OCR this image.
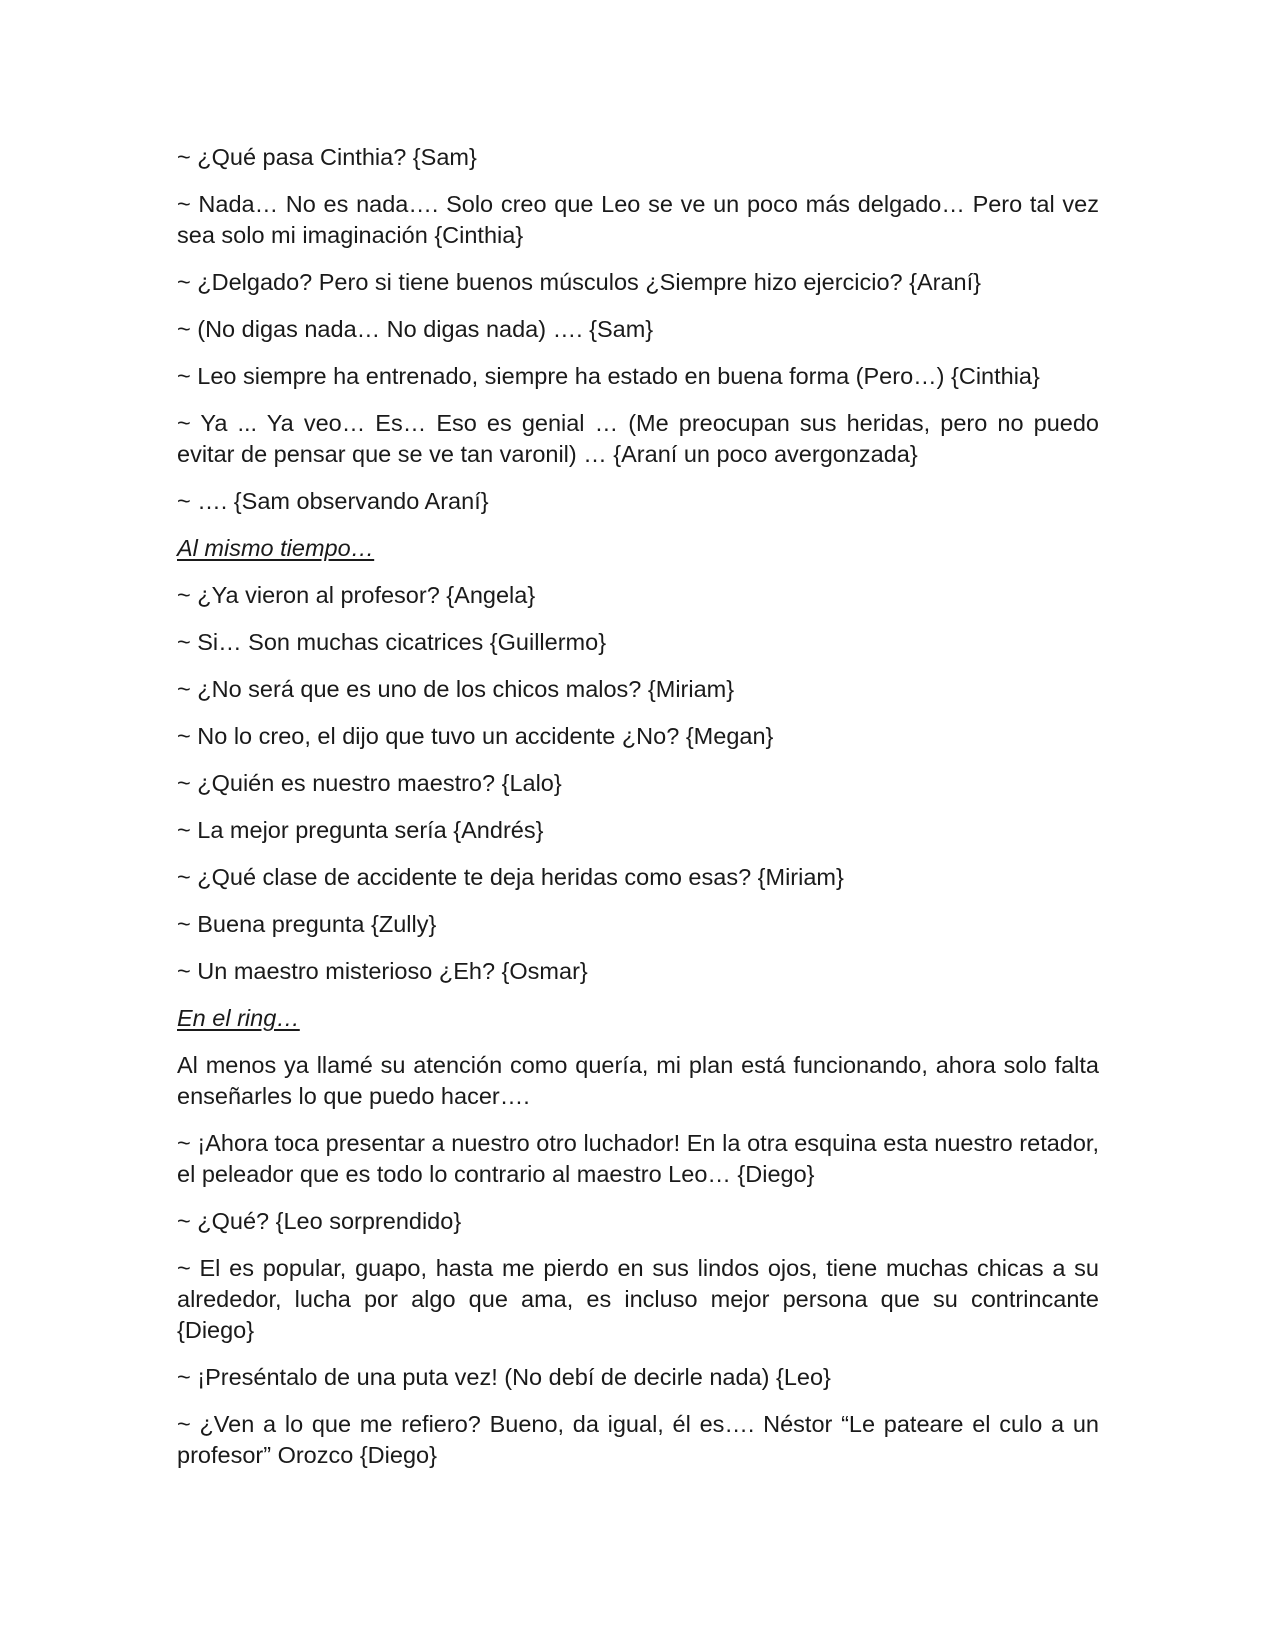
~ ¿Qué pasa Cinthia? {Sam}

~ Nada… No es nada…. Solo creo que Leo se ve un poco más delgado… Pero tal vez sea solo mi imaginación {Cinthia}

~ ¿Delgado? Pero si tiene buenos músculos ¿Siempre hizo ejercicio? {Araní}

~ (No digas nada… No digas nada) …. {Sam}

~ Leo siempre ha entrenado, siempre ha estado en buena forma (Pero…) {Cinthia}

~ Ya ... Ya veo… Es… Eso es genial … (Me preocupan sus heridas, pero no puedo evitar de pensar que se ve tan varonil) … {Araní un poco avergonzada}

~ …. {Sam observando Araní}

Al mismo tiempo…

~ ¿Ya vieron al profesor? {Angela}

~ Si… Son muchas cicatrices {Guillermo}

~ ¿No será que es uno de los chicos malos? {Miriam}

~ No lo creo, el dijo que tuvo un accidente ¿No? {Megan}

~ ¿Quién es nuestro maestro? {Lalo}

~ La mejor pregunta sería {Andrés}

~ ¿Qué clase de accidente te deja heridas como esas? {Miriam}

~ Buena pregunta {Zully}

~ Un maestro misterioso ¿Eh? {Osmar}

En el ring…

Al menos ya llamé su atención como quería, mi plan está funcionando, ahora solo falta enseñarles lo que puedo hacer….

~ ¡Ahora toca presentar a nuestro otro luchador! En la otra esquina esta nuestro retador, el peleador que es todo lo contrario al maestro Leo… {Diego}

~ ¿Qué? {Leo sorprendido}

~ El es popular, guapo, hasta me pierdo en sus lindos ojos, tiene muchas chicas a su alrededor, lucha por algo que ama, es incluso mejor persona que su contrincante {Diego}

~ ¡Preséntalo de una puta vez! (No debí de decirle nada) {Leo}

~ ¿Ven a lo que me refiero? Bueno, da igual, él es…. Néstor “Le pateare el culo a un profesor” Orozco {Diego}
